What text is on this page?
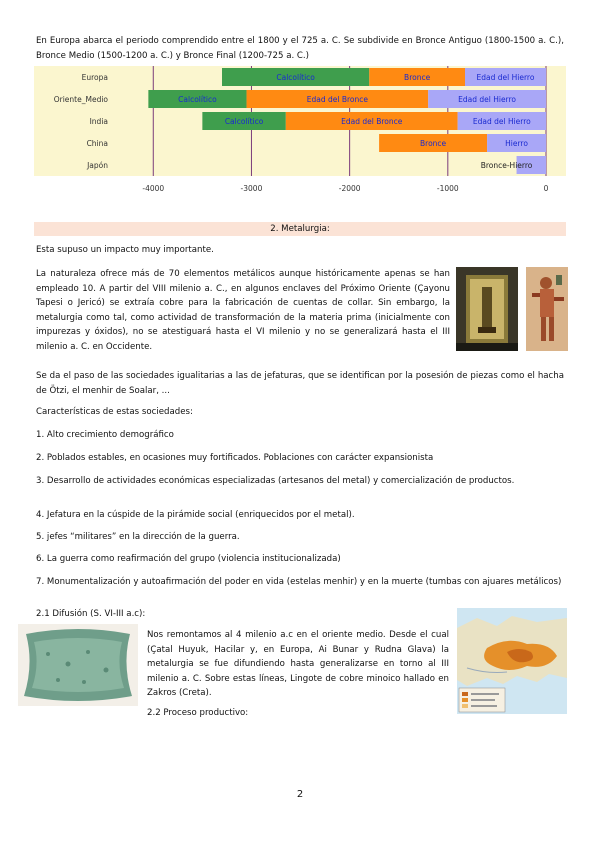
En Europa abarca el periodo comprendido entre el 1800 y el 725 a. C. Se subdivide en Bronce Antiguo (1800-1500 a. C.), Bronce Medio (1500-1200 a. C.) y Bronce Final (1200-725 a. C.)
Calcolítico	Bronce	Edad del Hierro
Calcolítico	Edad del Bronce	Edad del Hierro
Calcolítico	Edad del Bronce	Edad del Hierro
Bronce	Hierro
Bronce-Hierro
Europa
Oriente_Medio
India
China
Japón
-4000	-3000	-2000	-1000	0
2. Metalurgia:
Esta supuso un impacto muy importante.
La naturaleza ofrece más de 70 elementos metálicos aunque históricamente apenas se han empleado 10. A partir del VIII milenio a. C., en algunos enclaves del Próximo Oriente (Çayonu Tapesi o Jericó) se extraía cobre para la fabricación de cuentas de collar. Sin embargo, la metalurgia como tal, como actividad de transformación de la materia prima (inicialmente con impurezas y óxidos), no se atestiguará hasta el VI milenio y no se generalizará hasta el III milenio a. C. en Occidente.
Se da el paso de las sociedades igualitarias a las de jefaturas, que se identifican por la posesión de piezas como el hacha de Ötzi, el menhir de Soalar, ...
Características de estas sociedades:
1. Alto crecimiento demográfico
2. Poblados estables, en ocasiones muy fortificados. Poblaciones con carácter expansionista
3. Desarrollo de actividades económicas especializadas (artesanos del metal) y comercialización de productos.
4. Jefatura en la cúspide de la pirámide social (enriquecidos por el metal).
5. jefes “militares” en la dirección de la guerra.
6. La guerra como reafirmación del grupo (violencia institucionalizada)
7. Monumentalización y autoafirmación del poder en vida (estelas menhir) y en la muerte (tumbas con ajuares metálicos)
2.1 Difusión (S. VI-III a.c):
Nos remontamos al 4 milenio a.c en el oriente medio. Desde el cual (Çatal Huyuk, Hacilar y, en Europa, Ai Bunar y Rudna Glava) la metalurgia se fue difundiendo hasta generalizarse en torno al III milenio a. C. Sobre estas líneas, Lingote de cobre minoico hallado en Zakros (Creta).
2.2 Proceso productivo:
2
